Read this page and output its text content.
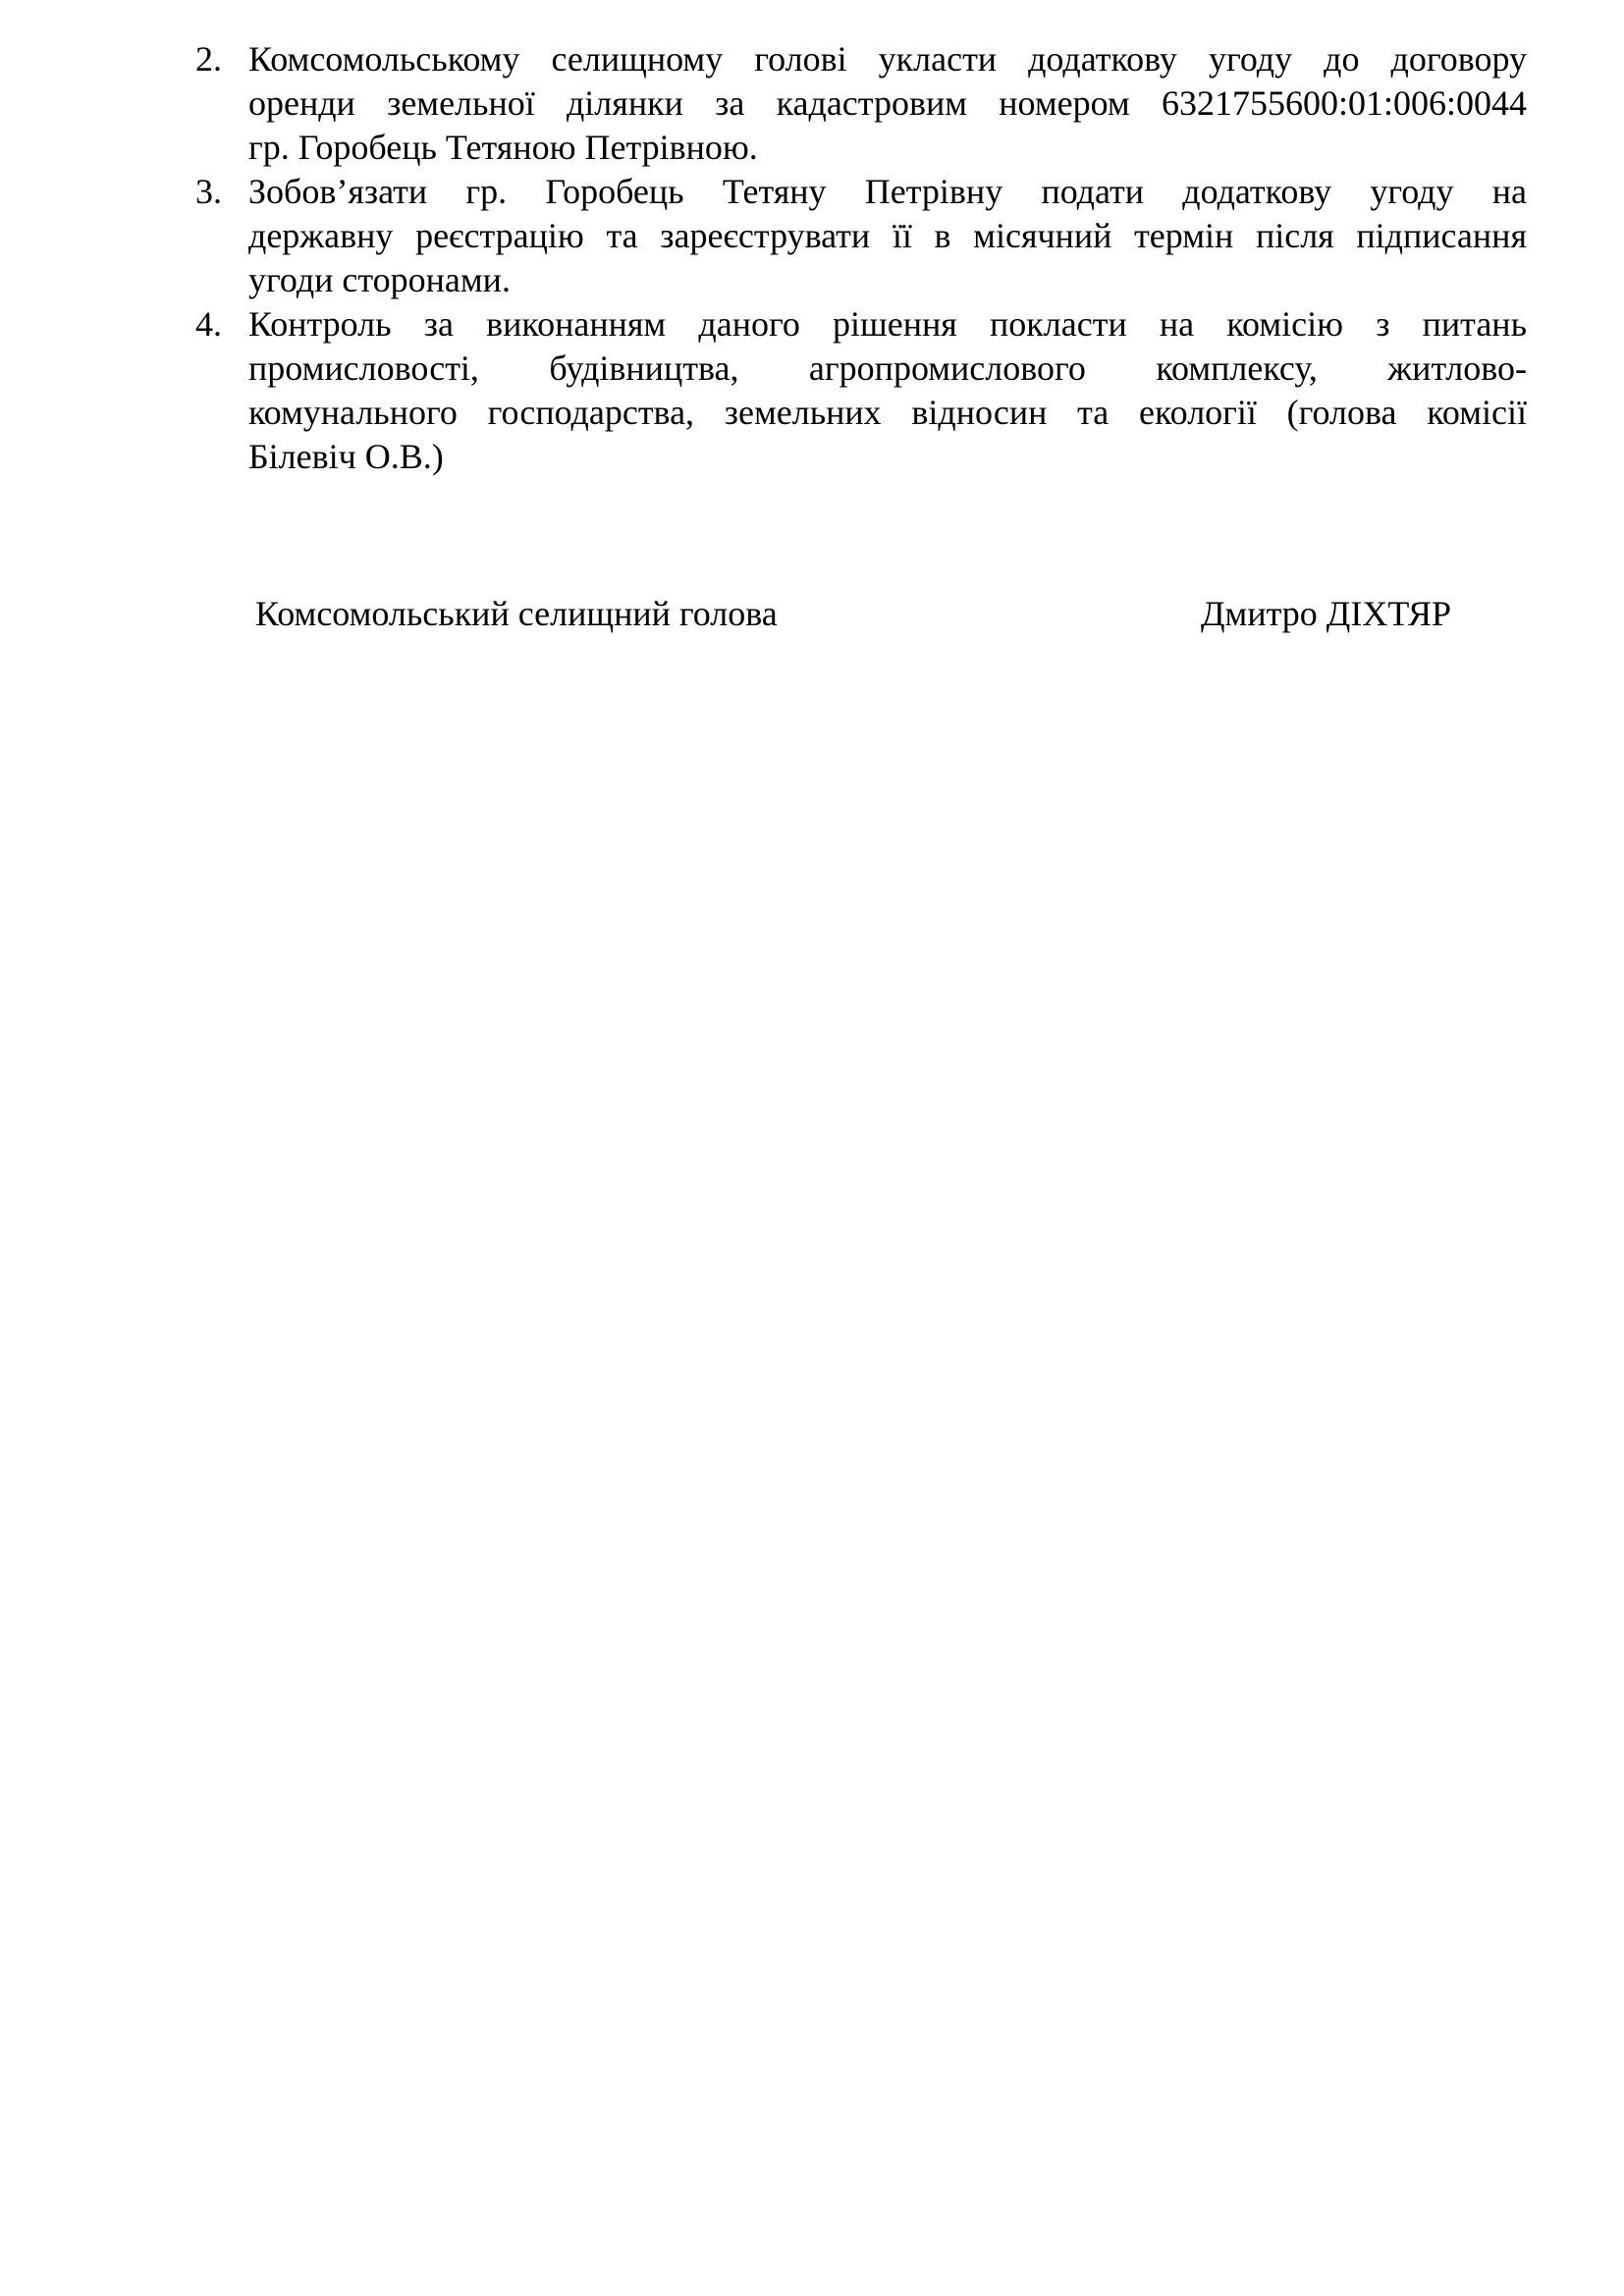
2. Комсомольському селищному голові укласти додаткову угоду до договору
оренди земельної ділянки за кадастровим номером 6321755600:01:006:0044
гр. Горобець Тетяною Петрівною.
3. Зобов’язати гр. Горобець Тетяну Петрівну подати додаткову угоду на
державну реєстрацію та зареєструвати її в місячний термін після підписання
угоди сторонами.
4. Контроль за виконанням даного рішення покласти на комісію з питань
промисловості, будівництва, агропромислового комплексу, житлово-
комунального господарства, земельних відносин та екології (голова комісії
Білевіч О.В.)
Комсомольський селищний голова	Дмитро ДІХТЯР
